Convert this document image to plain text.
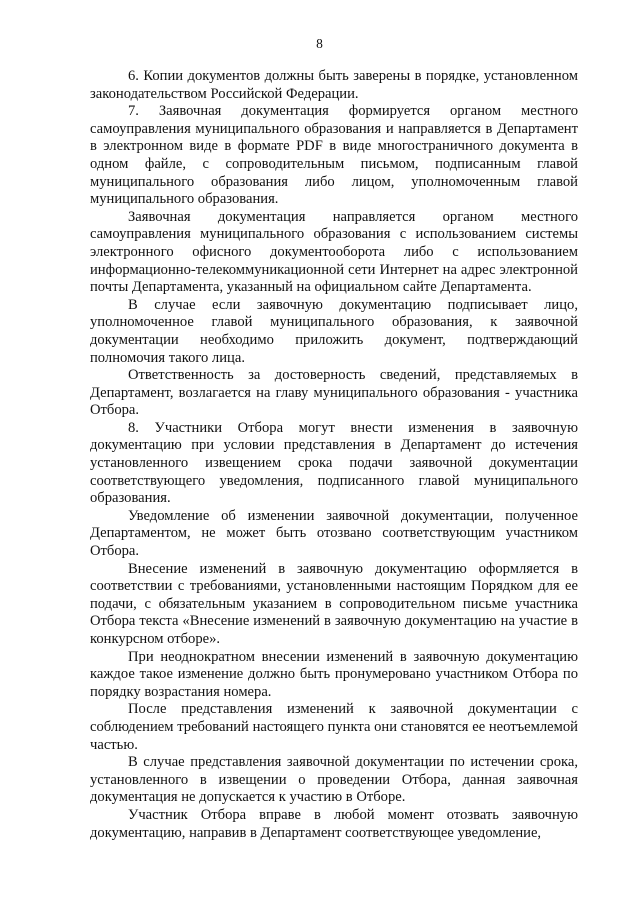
8

6. Копии документов должны быть заверены в порядке, установленном законодательством Российской Федерации.

7. Заявочная документация формируется органом местного самоуправления муниципального образования и направляется в Департамент в электронном виде в формате PDF в виде многостраничного документа в одном файле, с сопроводительным письмом, подписанным главой муниципального образования либо лицом, уполномоченным главой муниципального образования.

Заявочная документация направляется органом местного самоуправления муниципального образования с использованием системы электронного офисного документооборота либо с использованием информационно-телекоммуникационной сети Интернет на адрес электронной почты Департамента, указанный на официальном сайте Департамента.

В случае если заявочную документацию подписывает лицо, уполномоченное главой муниципального образования, к заявочной документации необходимо приложить документ, подтверждающий полномочия такого лица.

Ответственность за достоверность сведений, представляемых в Департамент, возлагается на главу муниципального образования - участника Отбора.

8. Участники Отбора могут внести изменения в заявочную документацию при условии представления в Департамент до истечения установленного извещением срока подачи заявочной документации соответствующего уведомления, подписанного главой муниципального образования.

Уведомление об изменении заявочной документации, полученное Департаментом, не может быть отозвано соответствующим участником Отбора.

Внесение изменений в заявочную документацию оформляется в соответствии с требованиями, установленными настоящим Порядком для ее подачи, с обязательным указанием в сопроводительном письме участника Отбора текста «Внесение изменений в заявочную документацию на участие в конкурсном отборе».

При неоднократном внесении изменений в заявочную документацию каждое такое изменение должно быть пронумеровано участником Отбора по порядку возрастания номера.

После представления изменений к заявочной документации с соблюдением требований настоящего пункта они становятся ее неотъемлемой частью.

В случае представления заявочной документации по истечении срока, установленного в извещении о проведении Отбора, данная заявочная документация не допускается к участию в Отборе.

Участник Отбора вправе в любой момент отозвать заявочную документацию, направив в Департамент соответствующее уведомление,
